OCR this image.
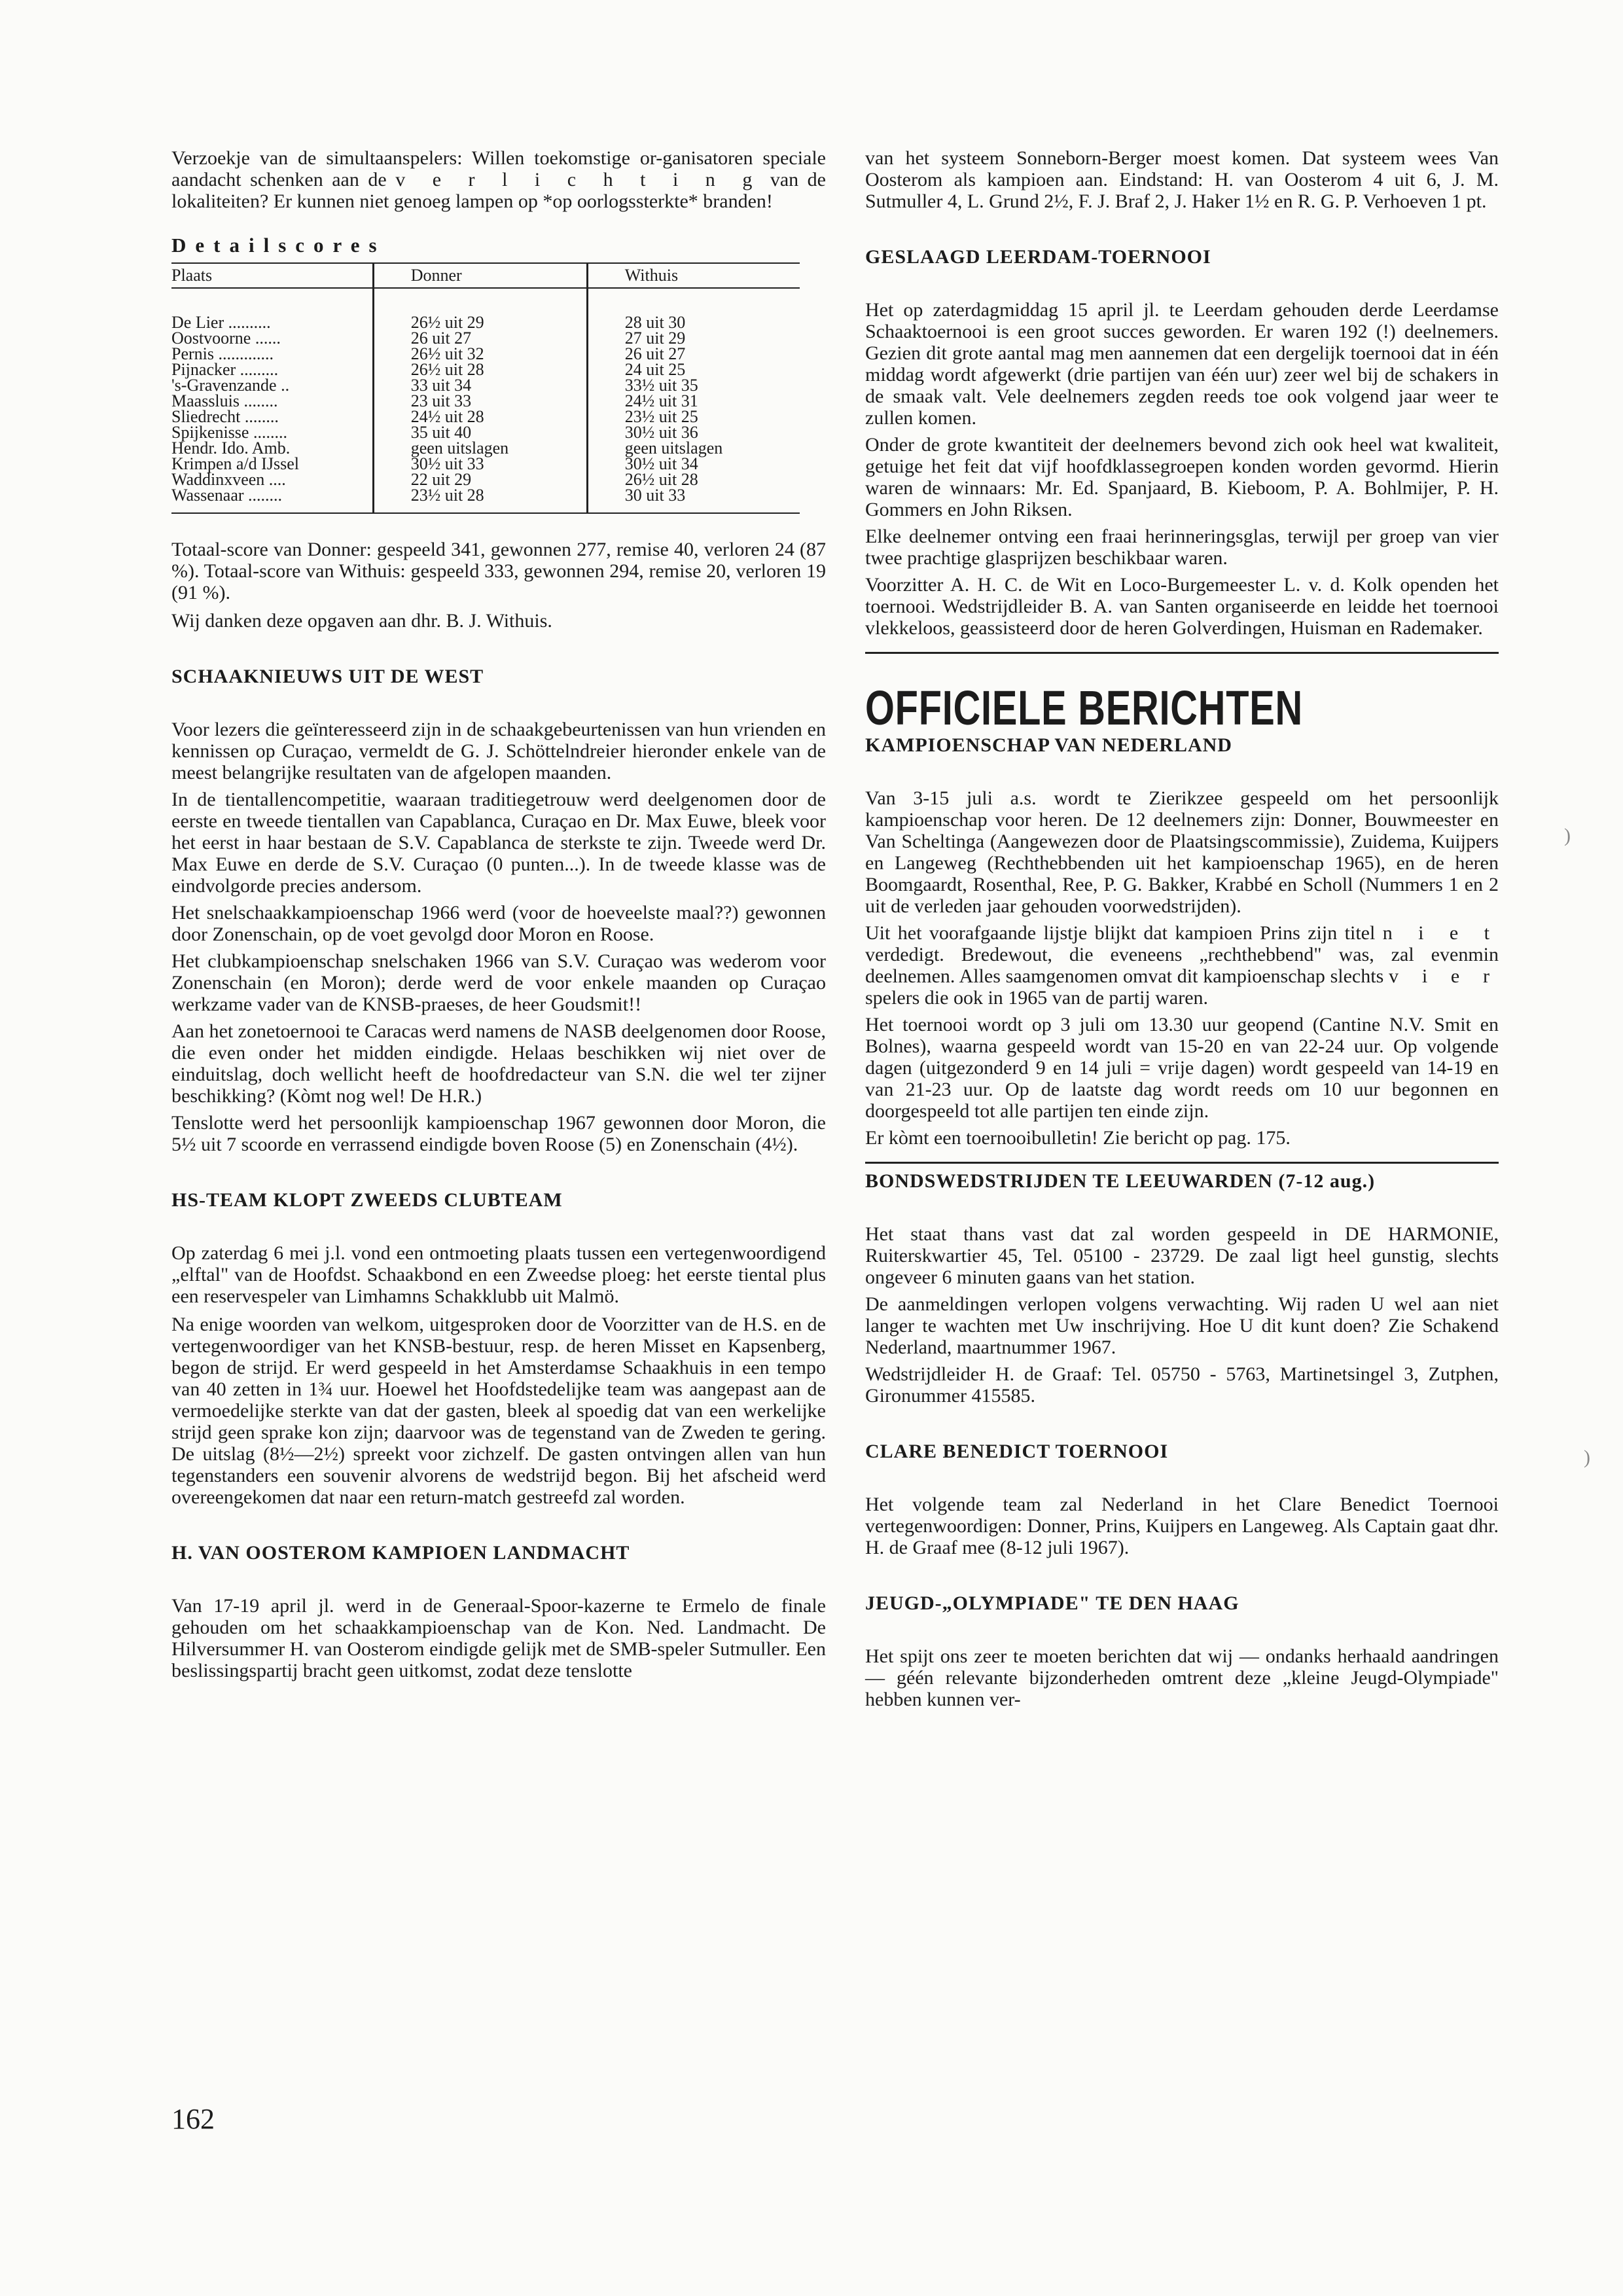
Verzoekje van de simultaanspelers: Willen toekomstige or-ganisatoren speciale aandacht schenken aan de v e r l i c h t i n g van de lokaliteiten? Er kunnen niet genoeg lampen op *op oorlogssterkte* branden!

Detailscores
Plaats	Donner	Withuis

De Lier ..........	26½ uit 29	28 uit 30
Oostvoorne ......	26 uit 27	27 uit 29
Pernis .............	26½ uit 32	26 uit 27
Pijnacker .........	26½ uit 28	24 uit 25
's-Gravenzande ..	33 uit 34	33½ uit 35
Maassluis ........	23 uit 33	24½ uit 31
Sliedrecht ........	24½ uit 28	23½ uit 25
Spijkenisse ........	35 uit 40	30½ uit 36
Hendr. Ido. Amb.	geen uitslagen	geen uitslagen
Krimpen a/d IJssel	30½ uit 33	30½ uit 34
Waddinxveen ....	22 uit 29	26½ uit 28
Wassenaar ........	23½ uit 28	30 uit 33

Totaal-score van Donner: gespeeld 341, gewonnen 277, remise 40, verloren 24 (87 %). Totaal-score van Withuis: gespeeld 333, gewonnen 294, remise 20, verloren 19 (91 %).

Wij danken deze opgaven aan dhr. B. J. Withuis.

SCHAAKNIEUWS UIT DE WEST

Voor lezers die geïnteresseerd zijn in de schaakgebeurtenissen van hun vrienden en kennissen op Curaçao, vermeldt de G. J. Schöttelndreier hieronder enkele van de meest belangrijke resultaten van de afgelopen maanden.

In de tientallencompetitie, waaraan traditiegetrouw werd deelgenomen door de eerste en tweede tientallen van Capablanca, Curaçao en Dr. Max Euwe, bleek voor het eerst in haar bestaan de S.V. Capablanca de sterkste te zijn. Tweede werd Dr. Max Euwe en derde de S.V. Curaçao (0 punten...). In de tweede klasse was de eindvolgorde precies andersom.

Het snelschaakkampioenschap 1966 werd (voor de hoeveelste maal??) gewonnen door Zonenschain, op de voet gevolgd door Moron en Roose.

Het clubkampioenschap snelschaken 1966 van S.V. Curaçao was wederom voor Zonenschain (en Moron); derde werd de voor enkele maanden op Curaçao werkzame vader van de KNSB-praeses, de heer Goudsmit!!

Aan het zonetoernooi te Caracas werd namens de NASB deelgenomen door Roose, die even onder het midden eindigde. Helaas beschikken wij niet over de einduitslag, doch wellicht heeft de hoofdredacteur van S.N. die wel ter zijner beschikking? (Kòmt nog wel! De H.R.)

Tenslotte werd het persoonlijk kampioenschap 1967 gewonnen door Moron, die 5½ uit 7 scoorde en verrassend eindigde boven Roose (5) en Zonenschain (4½).

HS-TEAM KLOPT ZWEEDS CLUBTEAM

Op zaterdag 6 mei j.l. vond een ontmoeting plaats tussen een vertegenwoordigend „elftal" van de Hoofdst. Schaakbond en een Zweedse ploeg: het eerste tiental plus een reservespeler van Limhamns Schakklubb uit Malmö.

Na enige woorden van welkom, uitgesproken door de Voorzitter van de H.S. en de vertegenwoordiger van het KNSB-bestuur, resp. de heren Misset en Kapsenberg, begon de strijd. Er werd gespeeld in het Amsterdamse Schaakhuis in een tempo van 40 zetten in 1¾ uur. Hoewel het Hoofdstedelijke team was aangepast aan de vermoedelijke sterkte van dat der gasten, bleek al spoedig dat van een werkelijke strijd geen sprake kon zijn; daarvoor was de tegenstand van de Zweden te gering. De uitslag (8½—2½) spreekt voor zichzelf. De gasten ontvingen allen van hun tegenstanders een souvenir alvorens de wedstrijd begon. Bij het afscheid werd overeengekomen dat naar een return-match gestreefd zal worden.

H. VAN OOSTEROM KAMPIOEN LANDMACHT

Van 17-19 april jl. werd in de Generaal-Spoor-kazerne te Ermelo de finale gehouden om het schaakkampioenschap van de Kon. Ned. Landmacht. De Hilversummer H. van Oosterom eindigde gelijk met de SMB-speler Sutmuller. Een beslissingspartij bracht geen uitkomst, zodat deze tenslotte

van het systeem Sonneborn-Berger moest komen. Dat systeem wees Van Oosterom als kampioen aan. Eindstand: H. van Oosterom 4 uit 6, J. M. Sutmuller 4, L. Grund 2½, F. J. Braf 2, J. Haker 1½ en R. G. P. Verhoeven 1 pt.

GESLAAGD LEERDAM-TOERNOOI

Het op zaterdagmiddag 15 april jl. te Leerdam gehouden derde Leerdamse Schaaktoernooi is een groot succes geworden. Er waren 192 (!) deelnemers. Gezien dit grote aantal mag men aannemen dat een dergelijk toernooi dat in één middag wordt afgewerkt (drie partijen van één uur) zeer wel bij de schakers in de smaak valt. Vele deelnemers zegden reeds toe ook volgend jaar weer te zullen komen.

Onder de grote kwantiteit der deelnemers bevond zich ook heel wat kwaliteit, getuige het feit dat vijf hoofdklassegroepen konden worden gevormd. Hierin waren de winnaars: Mr. Ed. Spanjaard, B. Kieboom, P. A. Bohlmijer, P. H. Gommers en John Riksen.

Elke deelnemer ontving een fraai herinneringsglas, terwijl per groep van vier twee prachtige glasprijzen beschikbaar waren.

Voorzitter A. H. C. de Wit en Loco-Burgemeester L. v. d. Kolk openden het toernooi. Wedstrijdleider B. A. van Santen organiseerde en leidde het toernooi vlekkeloos, geassisteerd door de heren Golverdingen, Huisman en Rademaker.

OFFICIELE BERICHTEN
KAMPIOENSCHAP VAN NEDERLAND

Van 3-15 juli a.s. wordt te Zierikzee gespeeld om het persoonlijk kampioenschap voor heren. De 12 deelnemers zijn: Donner, Bouwmeester en Van Scheltinga (Aangewezen door de Plaatsingscommissie), Zuidema, Kuijpers en Langeweg (Rechthebbenden uit het kampioenschap 1965), en de heren Boomgaardt, Rosenthal, Ree, P. G. Bakker, Krabbé en Scholl (Nummers 1 en 2 uit de verleden jaar gehouden voorwedstrijden).

Uit het voorafgaande lijstje blijkt dat kampioen Prins zijn titel n i e t verdedigt. Bredewout, die eveneens „rechthebbend" was, zal evenmin deelnemen. Alles saamgenomen omvat dit kampioenschap slechts v i e r spelers die ook in 1965 van de partij waren.

Het toernooi wordt op 3 juli om 13.30 uur geopend (Cantine N.V. Smit en Bolnes), waarna gespeeld wordt van 15-20 en van 22-24 uur. Op volgende dagen (uitgezonderd 9 en 14 juli = vrije dagen) wordt gespeeld van 14-19 en van 21-23 uur. Op de laatste dag wordt reeds om 10 uur begonnen en doorgespeeld tot alle partijen ten einde zijn.

Er kòmt een toernooibulletin! Zie bericht op pag. 175.

BONDSWEDSTRIJDEN TE LEEUWARDEN (7-12 aug.)

Het staat thans vast dat zal worden gespeeld in DE HARMONIE, Ruiterskwartier 45, Tel. 05100 - 23729. De zaal ligt heel gunstig, slechts ongeveer 6 minuten gaans van het station.

De aanmeldingen verlopen volgens verwachting. Wij raden U wel aan niet langer te wachten met Uw inschrijving. Hoe U dit kunt doen? Zie Schakend Nederland, maartnummer 1967.

Wedstrijdleider H. de Graaf: Tel. 05750 - 5763, Martinetsingel 3, Zutphen, Gironummer 415585.

CLARE BENEDICT TOERNOOI

Het volgende team zal Nederland in het Clare Benedict Toernooi vertegenwoordigen: Donner, Prins, Kuijpers en Langeweg. Als Captain gaat dhr. H. de Graaf mee (8-12 juli 1967).

JEUGD-„OLYMPIADE" TE DEN HAAG

Het spijt ons zeer te moeten berichten dat wij — ondanks herhaald aandringen — géén relevante bijzonderheden omtrent deze „kleine Jeugd-Olympiade" hebben kunnen ver-

162
)
)
